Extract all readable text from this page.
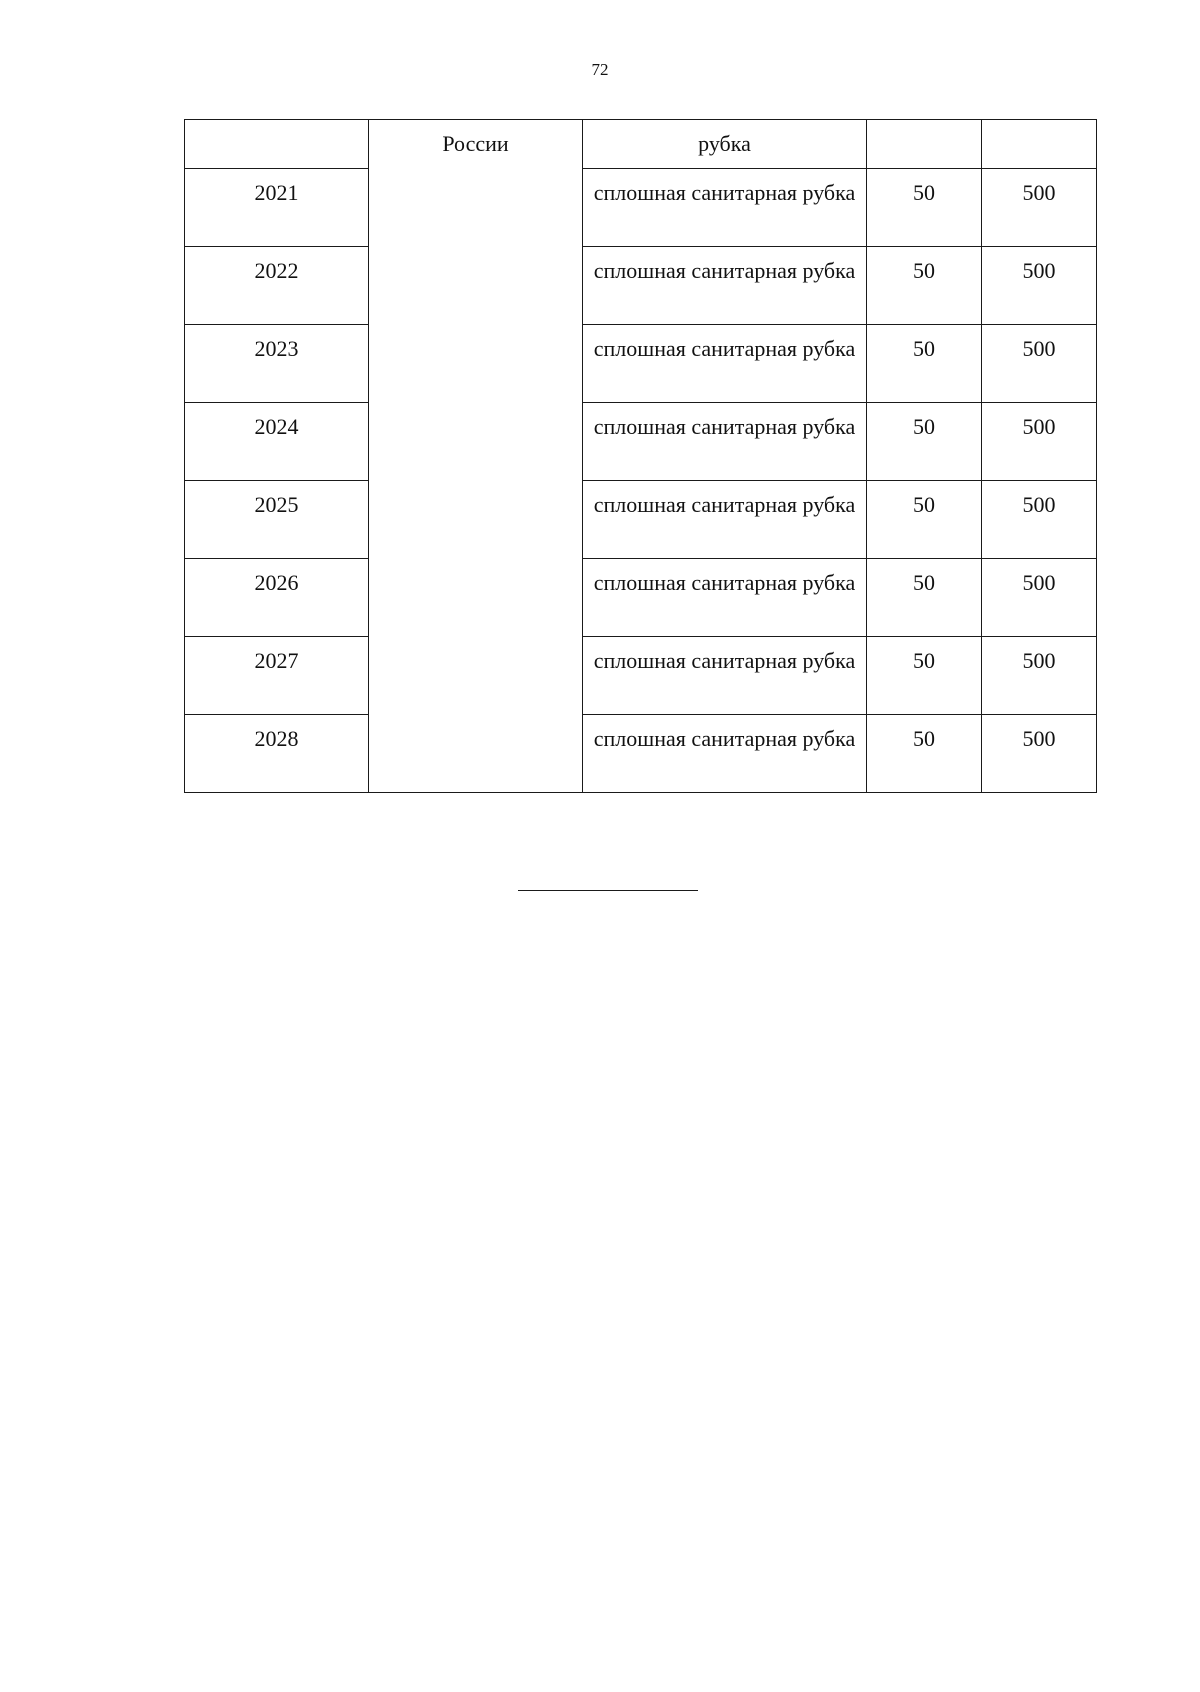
72
	России	рубка		
2021		сплошная санитарная рубка	50	500
2022		сплошная санитарная рубка	50	500
2023		сплошная санитарная рубка	50	500
2024		сплошная санитарная рубка	50	500
2025		сплошная санитарная рубка	50	500
2026		сплошная санитарная рубка	50	500
2027		сплошная санитарная рубка	50	500
2028		сплошная санитарная рубка	50	500
